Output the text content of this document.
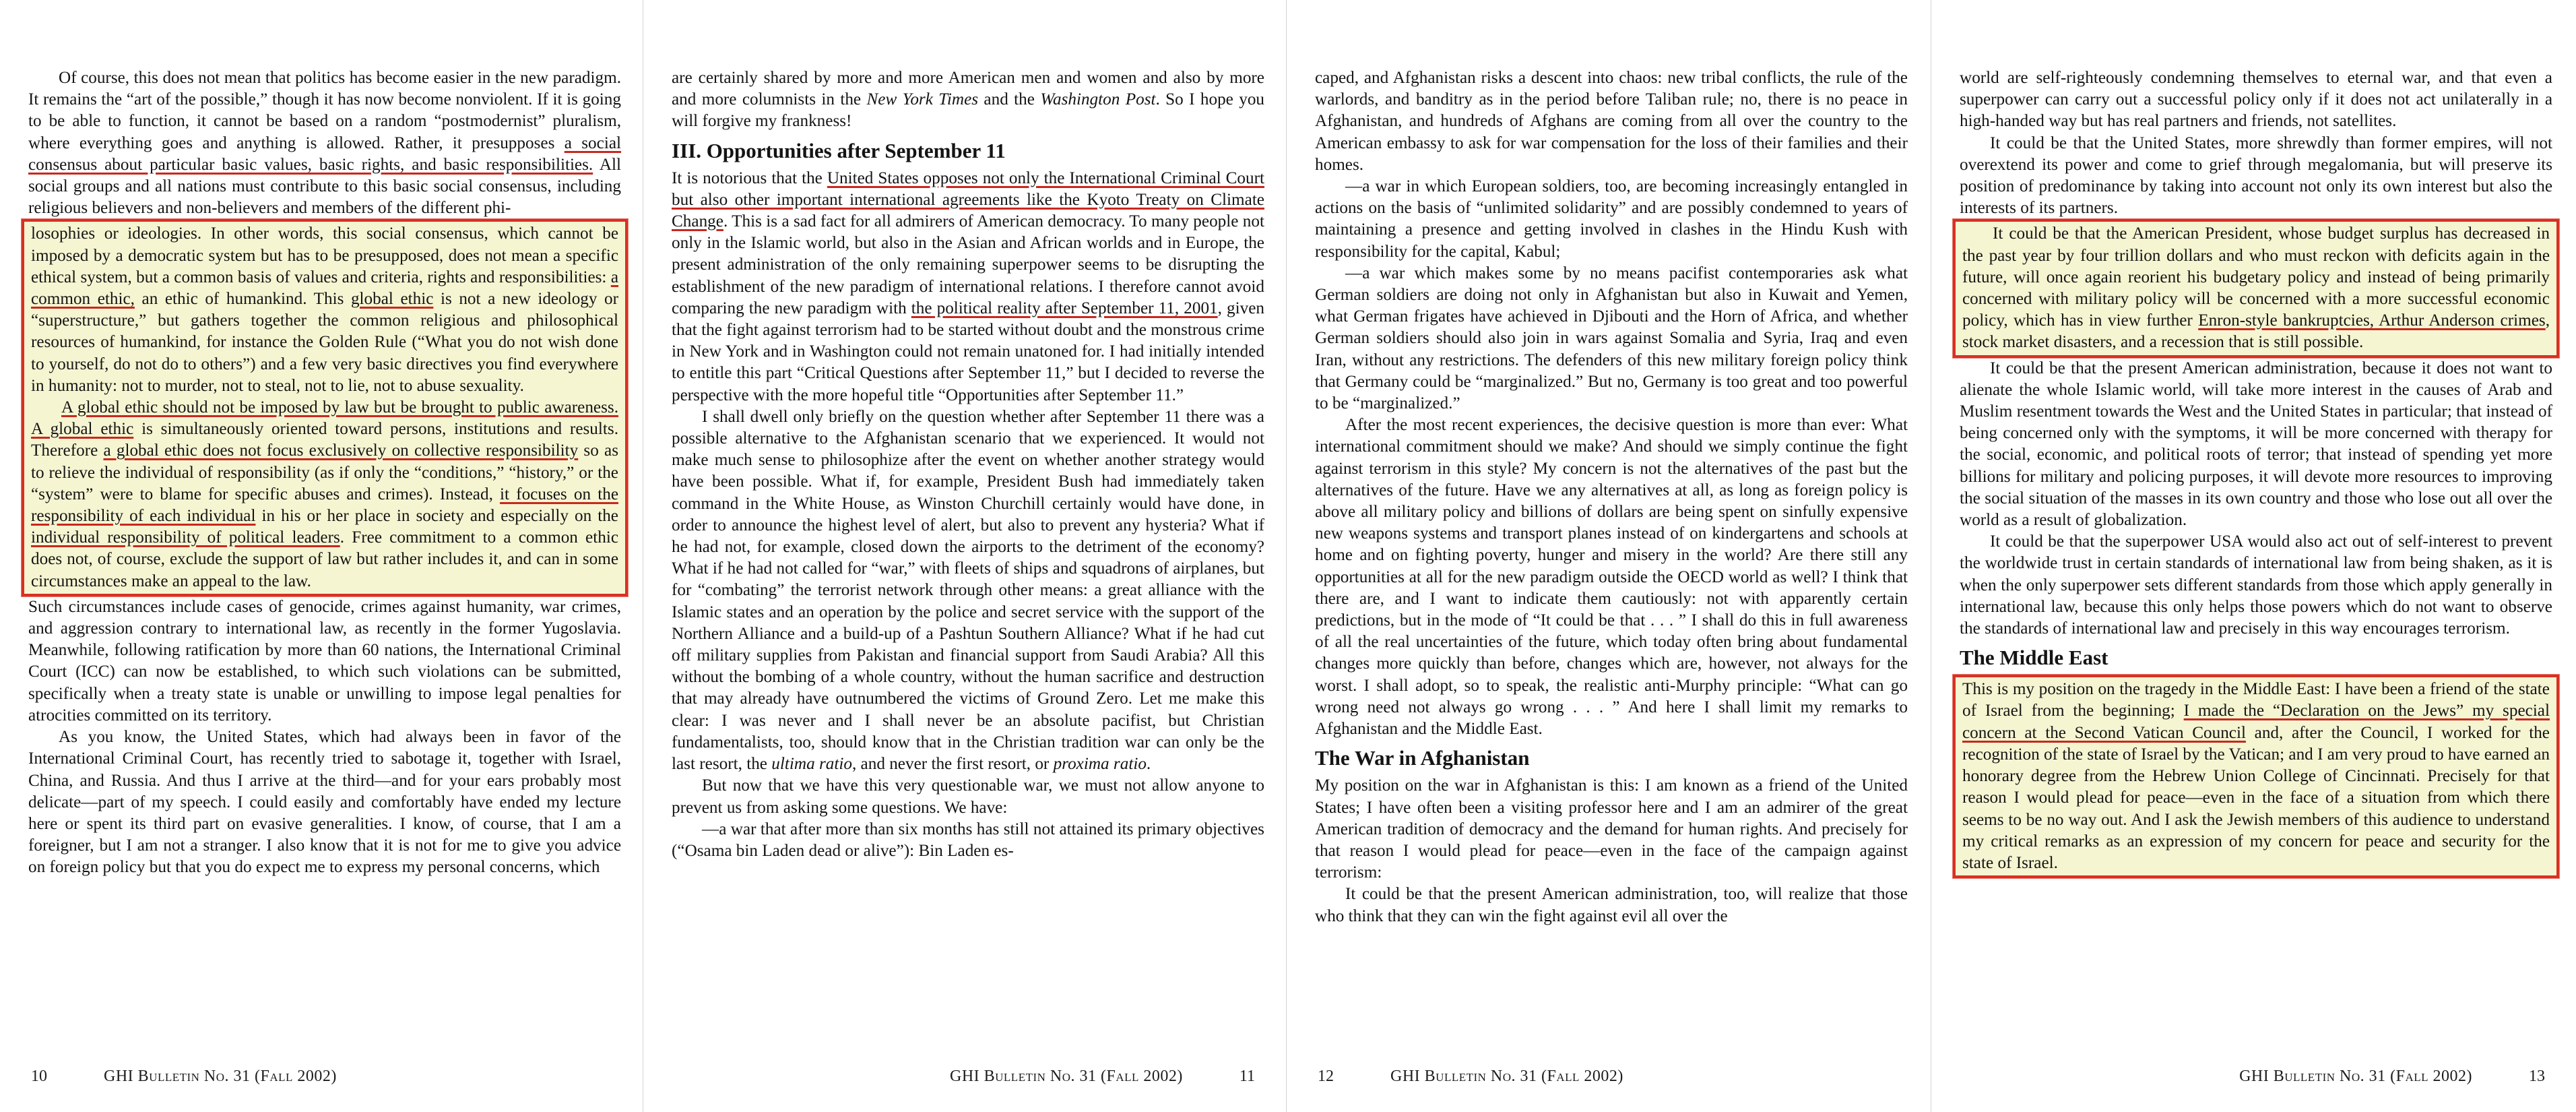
Of course, this does not mean that politics has become easier in the new paradigm. It remains the “art of the possible,” though it has now become nonviolent. If it is going to be able to function, it cannot be based on a random “postmodernist” pluralism, where everything goes and anything is allowed. Rather, it presupposes a social consensus about particular basic values, basic rights, and basic responsibilities. All social groups and all nations must contribute to this basic social consensus, including religious believers and non-believers and members of the different phi-

losophies or ideologies. In other words, this social consensus, which cannot be imposed by a democratic system but has to be presupposed, does not mean a specific ethical system, but a common basis of values and criteria, rights and responsibilities: a common ethic, an ethic of humankind. This global ethic is not a new ideology or “superstructure,” but gathers together the common religious and philosophical resources of humankind, for instance the Golden Rule (“What you do not wish done to yourself, do not do to others”) and a few very basic directives you find everywhere in humanity: not to murder, not to steal, not to lie, not to abuse sexuality.

A global ethic should not be imposed by law but be brought to public awareness. A global ethic is simultaneously oriented toward persons, institutions and results. Therefore a global ethic does not focus exclusively on collective responsibility so as to relieve the individual of responsibility (as if only the “conditions,” “history,” or the “system” were to blame for specific abuses and crimes). Instead, it focuses on the responsibility of each individual in his or her place in society and especially on the individual responsibility of political leaders. Free commitment to a common ethic does not, of course, exclude the support of law but rather includes it, and can in some circumstances make an appeal to the law.

Such circumstances include cases of genocide, crimes against humanity, war crimes, and aggression contrary to international law, as recently in the former Yugoslavia. Meanwhile, following ratification by more than 60 nations, the International Criminal Court (ICC) can now be established, to which such violations can be submitted, specifically when a treaty state is unable or unwilling to impose legal penalties for atrocities committed on its territory.

As you know, the United States, which had always been in favor of the International Criminal Court, has recently tried to sabotage it, together with Israel, China, and Russia. And thus I arrive at the third—and for your ears probably most delicate—part of my speech. I could easily and comfortably have ended my lecture here or spent its third part on evasive generalities. I know, of course, that I am a foreigner, but I am not a stranger. I also know that it is not for me to give you advice on foreign policy but that you do expect me to express my personal concerns, which

10	GHI Bulletin No. 31 (Fall 2002)

are certainly shared by more and more American men and women and also by more and more columnists in the New York Times and the Washington Post. So I hope you will forgive my frankness!

III. Opportunities after September 11

It is notorious that the United States opposes not only the International Criminal Court but also other important international agreements like the Kyoto Treaty on Climate Change. This is a sad fact for all admirers of American democracy. To many people not only in the Islamic world, but also in the Asian and African worlds and in Europe, the present administration of the only remaining superpower seems to be disrupting the establishment of the new paradigm of international relations. I therefore cannot avoid comparing the new paradigm with the political reality after September 11, 2001, given that the fight against terrorism had to be started without doubt and the monstrous crime in New York and in Washington could not remain unatoned for. I had initially intended to entitle this part “Critical Questions after September 11,” but I decided to reverse the perspective with the more hopeful title “Opportunities after September 11.”

I shall dwell only briefly on the question whether after September 11 there was a possible alternative to the Afghanistan scenario that we experienced. It would not make much sense to philosophize after the event on whether another strategy would have been possible. What if, for example, President Bush had immediately taken command in the White House, as Winston Churchill certainly would have done, in order to announce the highest level of alert, but also to prevent any hysteria? What if he had not, for example, closed down the airports to the detriment of the economy? What if he had not called for “war,” with fleets of ships and squadrons of airplanes, but for “combating” the terrorist network through other means: a great alliance with the Islamic states and an operation by the police and secret service with the support of the Northern Alliance and a build-up of a Pashtun Southern Alliance? What if he had cut off military supplies from Pakistan and financial support from Saudi Arabia? All this without the bombing of a whole country, without the human sacrifice and destruction that may already have outnumbered the victims of Ground Zero. Let me make this clear: I was never and I shall never be an absolute pacifist, but Christian fundamentalists, too, should know that in the Christian tradition war can only be the last resort, the ultima ratio, and never the first resort, or proxima ratio.

But now that we have this very questionable war, we must not allow anyone to prevent us from asking some questions. We have:

—a war that after more than six months has still not attained its primary objectives (“Osama bin Laden dead or alive”): Bin Laden es-

GHI Bulletin No. 31 (Fall 2002)	11

caped, and Afghanistan risks a descent into chaos: new tribal conflicts, the rule of the warlords, and banditry as in the period before Taliban rule; no, there is no peace in Afghanistan, and hundreds of Afghans are coming from all over the country to the American embassy to ask for war compensation for the loss of their families and their homes.

—a war in which European soldiers, too, are becoming increasingly entangled in actions on the basis of “unlimited solidarity” and are possibly condemned to years of maintaining a presence and getting involved in clashes in the Hindu Kush with responsibility for the capital, Kabul;

—a war which makes some by no means pacifist contemporaries ask what German soldiers are doing not only in Afghanistan but also in Kuwait and Yemen, what German frigates have achieved in Djibouti and the Horn of Africa, and whether German soldiers should also join in wars against Somalia and Syria, Iraq and even Iran, without any restrictions. The defenders of this new military foreign policy think that Germany could be “marginalized.” But no, Germany is too great and too powerful to be “marginalized.”

After the most recent experiences, the decisive question is more than ever: What international commitment should we make? And should we simply continue the fight against terrorism in this style? My concern is not the alternatives of the past but the alternatives of the future. Have we any alternatives at all, as long as foreign policy is above all military policy and billions of dollars are being spent on sinfully expensive new weapons systems and transport planes instead of on kindergartens and schools at home and on fighting poverty, hunger and misery in the world? Are there still any opportunities at all for the new paradigm outside the OECD world as well? I think that there are, and I want to indicate them cautiously: not with apparently certain predictions, but in the mode of “It could be that . . . ” I shall do this in full awareness of all the real uncertainties of the future, which today often bring about fundamental changes more quickly than before, changes which are, however, not always for the worst. I shall adopt, so to speak, the realistic anti-Murphy principle: “What can go wrong need not always go wrong . . . ” And here I shall limit my remarks to Afghanistan and the Middle East.

The War in Afghanistan

My position on the war in Afghanistan is this: I am known as a friend of the United States; I have often been a visiting professor here and I am an admirer of the great American tradition of democracy and the demand for human rights. And precisely for that reason I would plead for peace—even in the face of the campaign against terrorism:

It could be that the present American administration, too, will realize that those who think that they can win the fight against evil all over the

12	GHI Bulletin No. 31 (Fall 2002)

world are self-righteously condemning themselves to eternal war, and that even a superpower can carry out a successful policy only if it does not act unilaterally in a high-handed way but has real partners and friends, not satellites.

It could be that the United States, more shrewdly than former empires, will not overextend its power and come to grief through megalomania, but will preserve its position of predominance by taking into account not only its own interest but also the interests of its partners.

It could be that the American President, whose budget surplus has decreased in the past year by four trillion dollars and who must reckon with deficits again in the future, will once again reorient his budgetary policy and instead of being primarily concerned with military policy will be concerned with a more successful economic policy, which has in view further Enron-style bankruptcies, Arthur Anderson crimes, stock market disasters, and a recession that is still possible.

It could be that the present American administration, because it does not want to alienate the whole Islamic world, will take more interest in the causes of Arab and Muslim resentment towards the West and the United States in particular; that instead of being concerned only with the symptoms, it will be more concerned with therapy for the social, economic, and political roots of terror; that instead of spending yet more billions for military and policing purposes, it will devote more resources to improving the social situation of the masses in its own country and those who lose out all over the world as a result of globalization.

It could be that the superpower USA would also act out of self-interest to prevent the worldwide trust in certain standards of international law from being shaken, as it is when the only superpower sets different standards from those which apply generally in international law, because this only helps those powers which do not want to observe the standards of international law and precisely in this way encourages terrorism.

The Middle East

This is my position on the tragedy in the Middle East: I have been a friend of the state of Israel from the beginning; I made the “Declaration on the Jews” my special concern at the Second Vatican Council and, after the Council, I worked for the recognition of the state of Israel by the Vatican; and I am very proud to have earned an honorary degree from the Hebrew Union College of Cincinnati. Precisely for that reason I would plead for peace—even in the face of a situation from which there seems to be no way out. And I ask the Jewish members of this audience to understand my critical remarks as an expression of my concern for peace and security for the state of Israel.

GHI Bulletin No. 31 (Fall 2002)	13
